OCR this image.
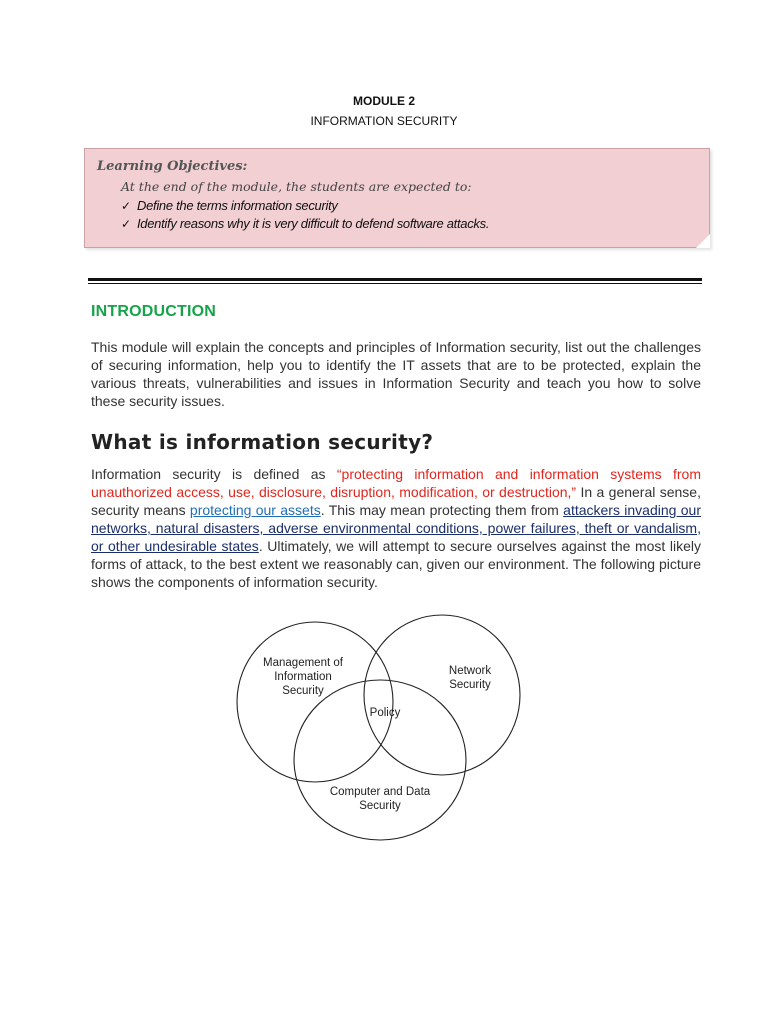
MODULE 2
INFORMATION SECURITY
Learning Objectives:
At the end of the module, the students are expected to:
✓ Define the terms information security
✓ Identify reasons why it is very difficult to defend software attacks.
INTRODUCTION
This module will explain the concepts and principles of Information security, list out the challenges of securing information, help you to identify the IT assets that are to be protected, explain the various threats, vulnerabilities and issues in Information Security and teach you how to solve these security issues.
What is information security?
Information security is defined as “protecting information and information systems from unauthorized access, use, disclosure, disruption, modification, or destruction,” In a general sense, security means protecting our assets. This may mean protecting them from attackers invading our networks, natural disasters, adverse environmental conditions, power failures, theft or vandalism, or other undesirable states. Ultimately, we will attempt to secure ourselves against the most likely forms of attack, to the best extent we reasonably can, given our environment. The following picture shows the components of information security.
Management of
Information
Security
Network
Security
Policy
Computer and Data
Security
